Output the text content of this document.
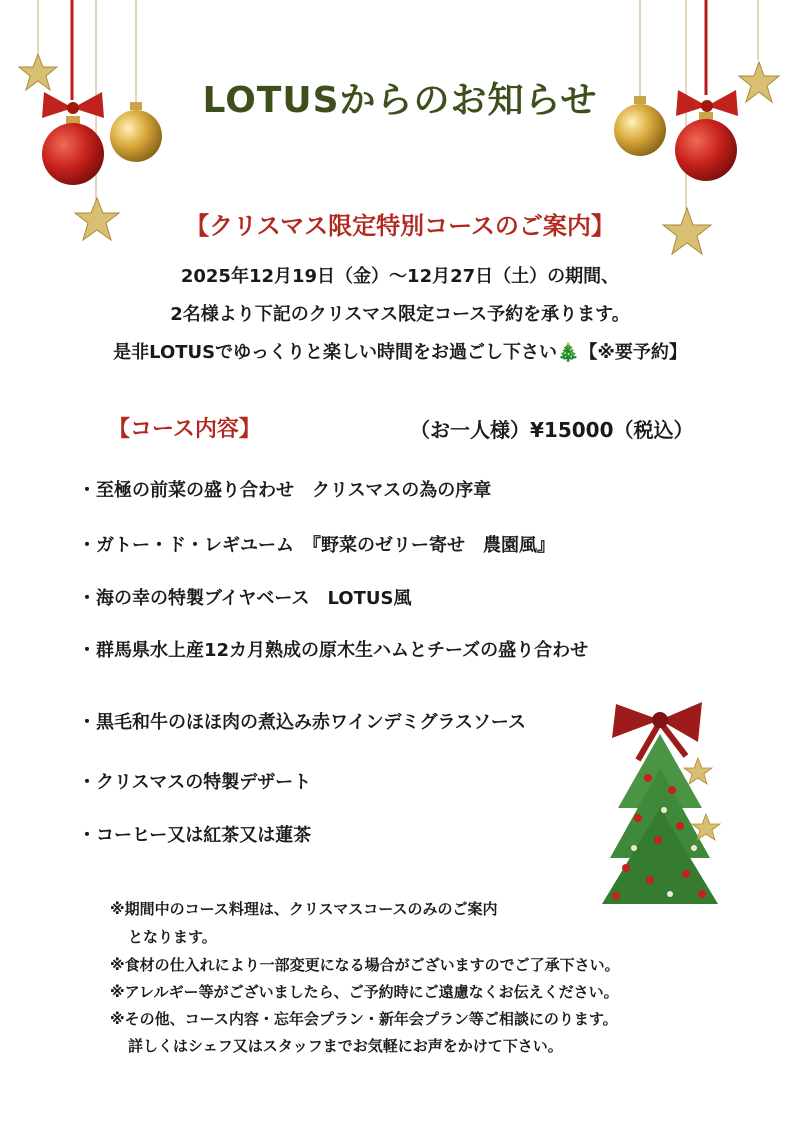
LOTUSからのお知らせ
【クリスマス限定特別コースのご案内】
2025年12月19日（金）～12月27日（土）の期間、
2名様より下記のクリスマス限定コース予約を承ります。
是非LOTUSでゆっくりと楽しい時間をお過ごし下さい🎄【※要予約】
【コース内容】	（お一人様）¥15000（税込）
・至極の前菜の盛り合わせ　クリスマスの為の序章
・ガトー・ド・レギユーム　『野菜のゼリー寄せ　農園風』
・海の幸の特製ブイヤベース　LOTUS風
・群馬県水上産12カ月熟成の原木生ハムとチーズの盛り合わせ
・黒毛和牛のほほ肉の煮込み赤ワインデミグラスソース
・クリスマスの特製デザート
・コーヒー又は紅茶又は蓮茶
※期間中のコース料理は、クリスマスコースのみのご案内
となります。
※食材の仕入れにより一部変更になる場合がございますのでご了承下さい。
※アレルギー等がございましたら、ご予約時にご遠慮なくお伝えください。
※その他、コース内容・忘年会プラン・新年会プラン等ご相談にのります。
詳しくはシェフ又はスタッフまでお気軽にお声をかけて下さい。
